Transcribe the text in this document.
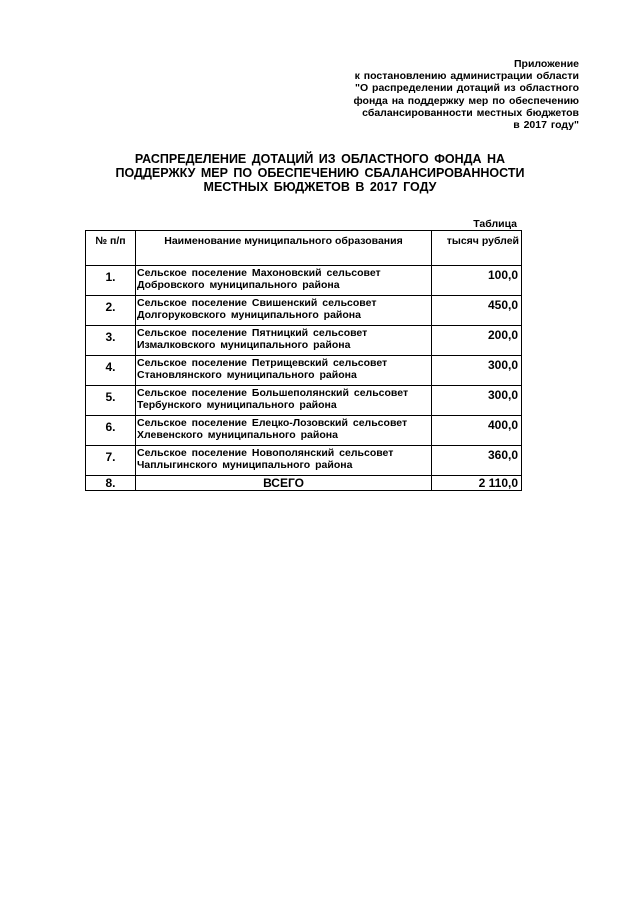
Приложение
к постановлению администрации области
"О распределении дотаций из областного
фонда на поддержку мер по обеспечению
сбалансированности местных бюджетов
в 2017 году"
РАСПРЕДЕЛЕНИЕ ДОТАЦИЙ ИЗ ОБЛАСТНОГО ФОНДА НА
ПОДДЕРЖКУ МЕР ПО ОБЕСПЕЧЕНИЮ СБАЛАНСИРОВАННОСТИ
МЕСТНЫХ БЮДЖЕТОВ В 2017 ГОДУ
Таблица
№ п/п	Наименование муниципального образования	тысяч рублей
1.	Сельское поселение Махоновский сельсовет
Добровского муниципального района	100,0
2.	Сельское поселение Свишенский сельсовет
Долгоруковского муниципального района	450,0
3.	Сельское поселение Пятницкий сельсовет
Измалковского муниципального района	200,0
4.	Сельское поселение Петрищевский сельсовет
Становлянского муниципального района	300,0
5.	Сельское поселение Большеполянский сельсовет
Тербунского муниципального района	300,0
6.	Сельское поселение Елецко-Лозовский сельсовет
Хлевенского муниципального района	400,0
7.	Сельское поселение Новополянский сельсовет
Чаплыгинского муниципального района	360,0
8.	ВСЕГО	2 110,0
